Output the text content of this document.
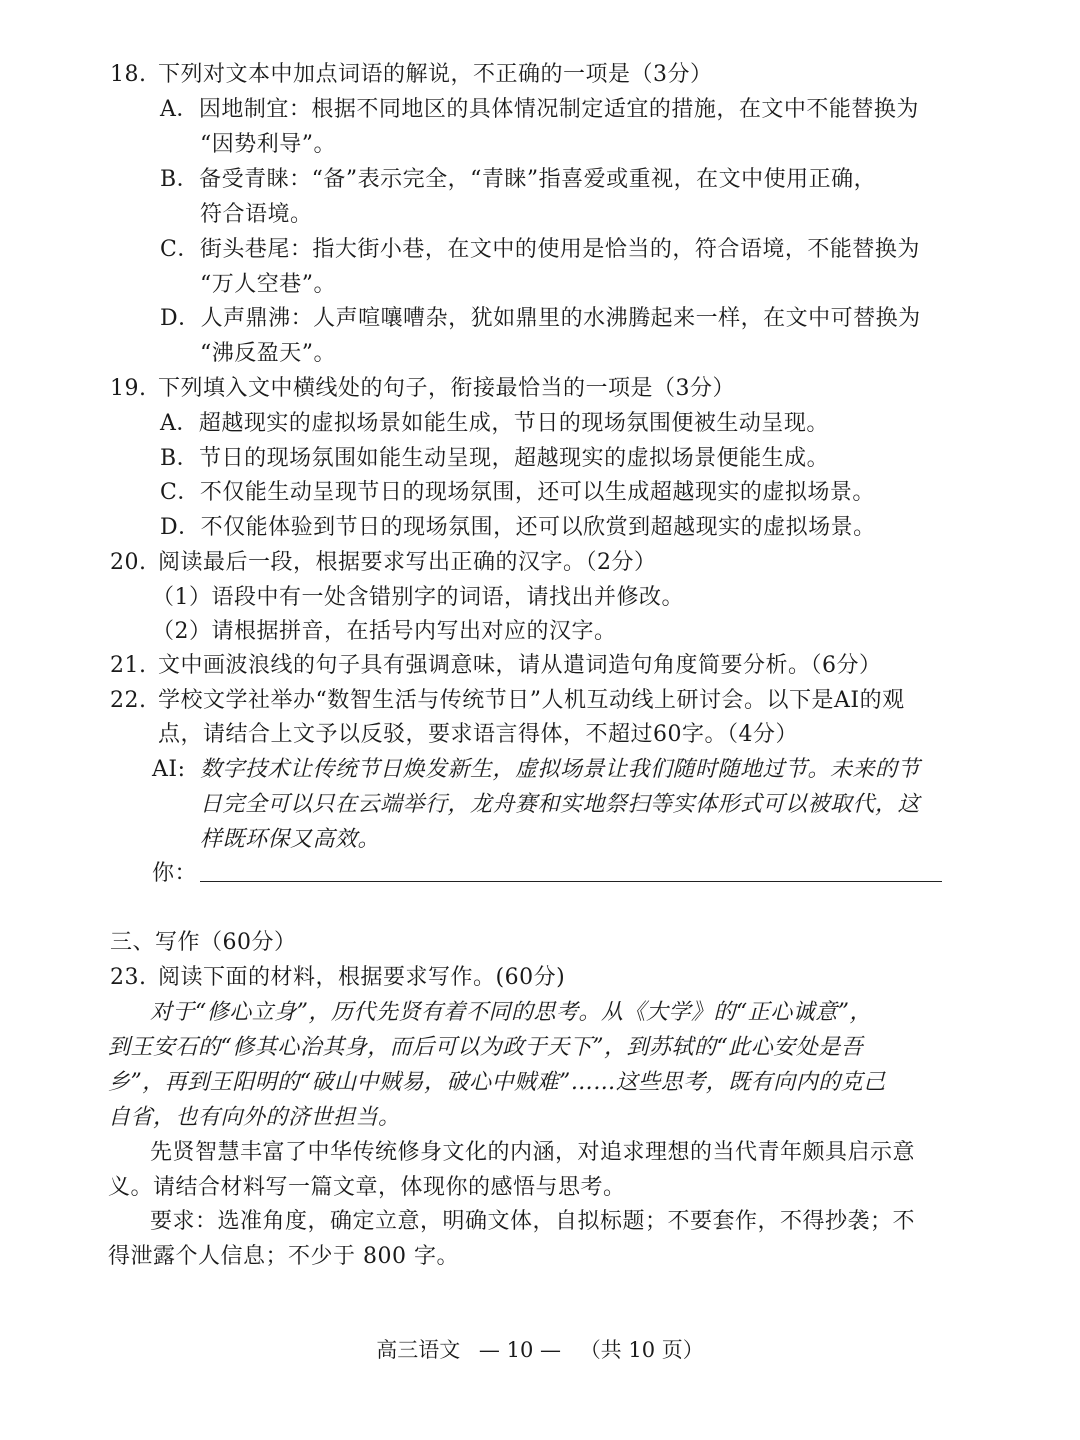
18. 下列对文本中加点词语的解说，不正确的一项是（3分）
A．因地制宜：根据不同地区的具体情况制定适宜的措施，在文中不能替换为
“因势利导”。
B．备受青睐：“备”表示完全，“青睐”指喜爱或重视，在文中使用正确，
符合语境。
C．街头巷尾：指大街小巷，在文中的使用是恰当的，符合语境，不能替换为
“万人空巷”。
D．人声鼎沸：人声喧嚷嘈杂，犹如鼎里的水沸腾起来一样，在文中可替换为
“沸反盈天”。
19. 下列填入文中横线处的句子，衔接最恰当的一项是（3分）
A．超越现实的虚拟场景如能生成，节日的现场氛围便被生动呈现。
B．节日的现场氛围如能生动呈现，超越现实的虚拟场景便能生成。
C．不仅能生动呈现节日的现场氛围，还可以生成超越现实的虚拟场景。
D．不仅能体验到节日的现场氛围，还可以欣赏到超越现实的虚拟场景。
20. 阅读最后一段，根据要求写出正确的汉字。（2分）
（1）语段中有一处含错别字的词语，请找出并修改。
（2）请根据拼音，在括号内写出对应的汉字。
21. 文中画波浪线的句子具有强调意味，请从遣词造句角度简要分析。（6分）
22. 学校文学社举办“数智生活与传统节日”人机互动线上研讨会。以下是AI的观
点，请结合上文予以反驳，要求语言得体，不超过60字。（4分）
AI: 数字技术让传统节日焕发新生，虚拟场景让我们随时随地过节。未来的节
日完全可以只在云端举行，龙舟赛和实地祭扫等实体形式可以被取代，这
样既环保又高效。
你：
三、写作（60分）
23. 阅读下面的材料，根据要求写作。(60分)
对于“修心立身”，历代先贤有着不同的思考。从《大学》的“正心诚意”，
到王安石的“修其心治其身，而后可以为政于天下”，到苏轼的“此心安处是吾
乡”，再到王阳明的“破山中贼易，破心中贼难”……这些思考，既有向内的克己
自省，也有向外的济世担当。
先贤智慧丰富了中华传统修身文化的内涵，对追求理想的当代青年颇具启示意
义。请结合材料写一篇文章，体现你的感悟与思考。
要求：选准角度，确定立意，明确文体，自拟标题；不要套作，不得抄袭；不
得泄露个人信息；不少于 800 字。
高三语文 — 10 — （共 10 页）
